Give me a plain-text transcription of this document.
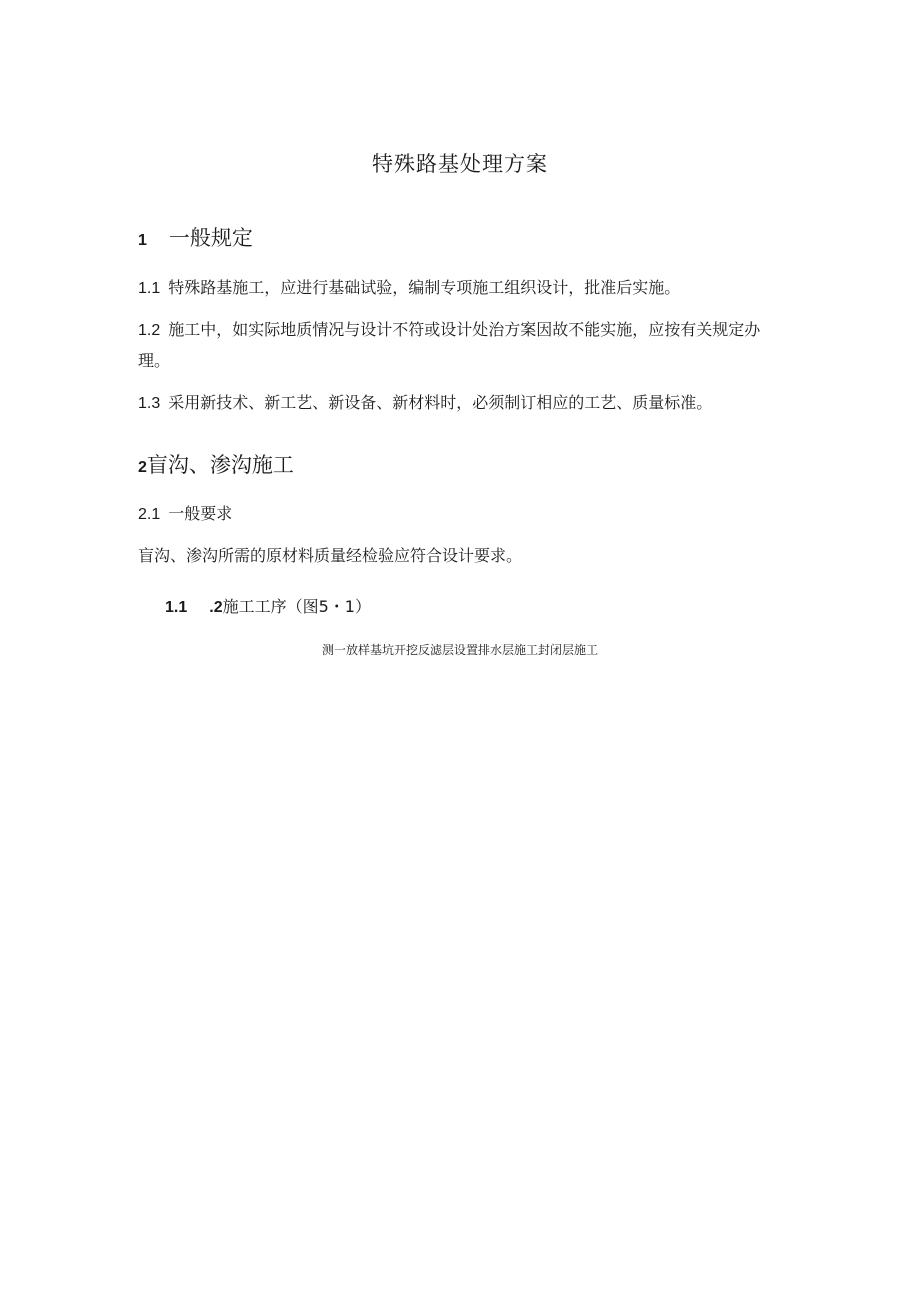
特殊路基处理方案
1 一般规定
1.1 特殊路基施工，应进行基础试验，编制专项施工组织设计，批准后实施。
1.2 施工中，如实际地质情况与设计不符或设计处治方案因故不能实施，应按有关规定办理。
1.3 采用新技术、新工艺、新设备、新材料时，必须制订相应的工艺、质量标准。
2盲沟、渗沟施工
2.1 一般要求
盲沟、渗沟所需的原材料质量经检验应符合设计要求。
1.1 .2施工工序（图5・1）
测一放样基坑开挖反滤层设置排水层施工封闭层施工
